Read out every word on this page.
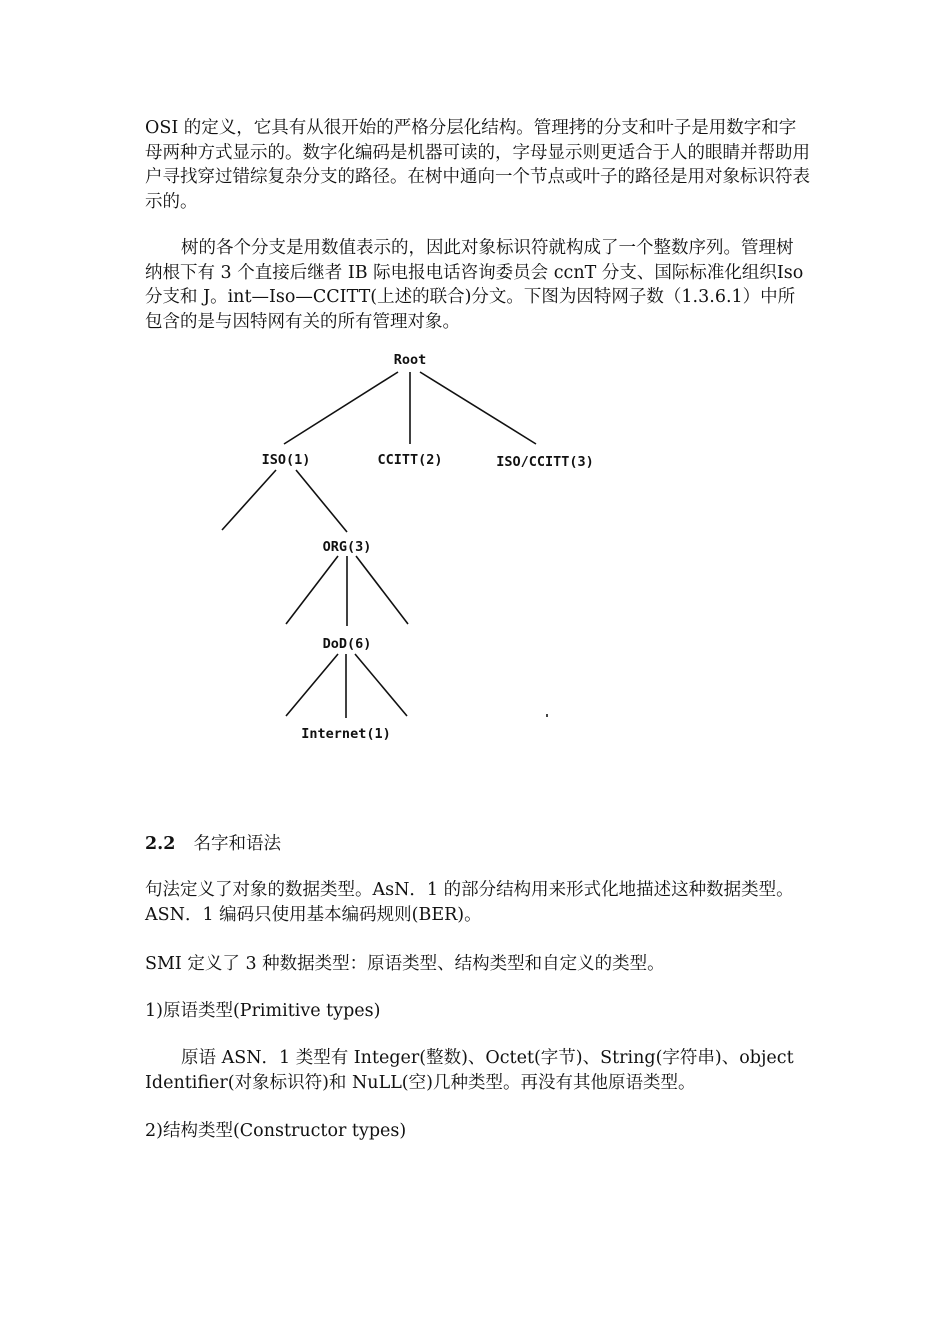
OSI 的定义，它具有从很开始的严格分层化结构。管理拷的分支和叶子是用数字和字母两种方式显示的。数字化编码是机器可读的，字母显示则更适合于人的眼睛并帮助用户寻找穿过错综复杂分支的路径。在树中通向一个节点或叶子的路径是用对象标识符表示的。

树的各个分支是用数值表示的，因此对象标识符就构成了一个整数序列。管理树纳根下有 3 个直接后继者 IB 际电报电话咨询委员会 ccnT 分支、国际标准化组织Iso 分支和 J。int—Iso—CCITT(上述的联合)分文。下图为因特网子数（1.3.6.1）中所包含的是与因特网有关的所有管理对象。

Root
ISO(1)	CCITT(2)	ISO/CCITT(3)
ORG(3)
DoD(6)
Internet(1)

2.2 名字和语法

句法定义了对象的数据类型。AsN．1 的部分结构用来形式化地描述这种数据类型。ASN．1 编码只使用基本编码规则(BER)。

SMI 定义了 3 种数据类型：原语类型、结构类型和自定义的类型。

1)原语类型(Primitive types)

原语 ASN．1 类型有 Integer(整数)、Octet(字节)、String(字符串)、object Identifier(对象标识符)和 NuLL(空)几种类型。再没有其他原语类型。

2)结构类型(Constructor types)
